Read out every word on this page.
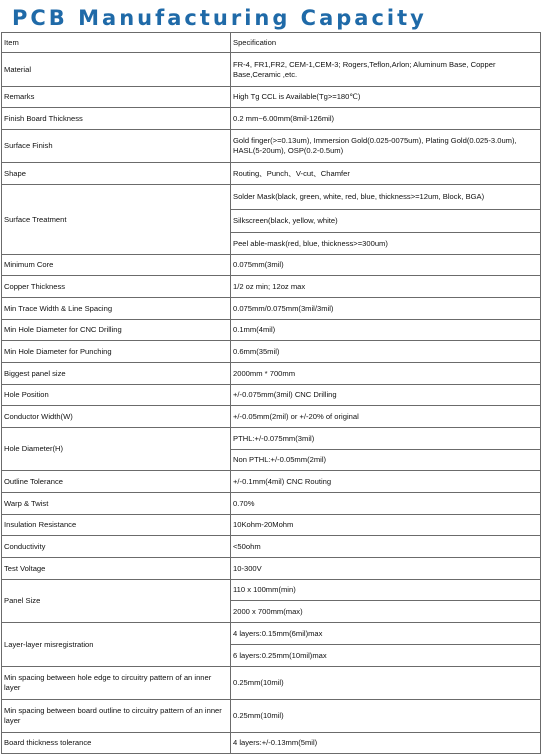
PCB Manufacturing Capacity
Item	Specification
Material	FR-4, FR1,FR2, CEM-1,CEM-3; Rogers,Teflon,Arlon; Aluminum Base, Copper Base,Ceramic ,etc.
Remarks	High Tg CCL is Available(Tg>=180℃)
Finish Board Thickness	0.2 mm~6.00mm(8mil-126mil)
Surface Finish	Gold finger(>=0.13um), Immersion Gold(0.025-0075um), Plating Gold(0.025-3.0um), HASL(5-20um), OSP(0.2-0.5um)
Shape	Routing、Punch、V-cut、Chamfer
Surface Treatment	Solder Mask(black, green, white, red, blue, thickness>=12um, Block, BGA)
	Silkscreen(black, yellow, white)
	Peel able-mask(red, blue, thickness>=300um)
Minimum Core	0.075mm(3mil)
Copper Thickness	1/2 oz min; 12oz max
Min Trace Width & Line Spacing	0.075mm/0.075mm(3mil/3mil)
Min Hole Diameter for CNC Drilling	0.1mm(4mil)
Min Hole Diameter for Punching	0.6mm(35mil)
Biggest panel size	2000mm * 700mm
Hole Position	+/-0.075mm(3mil) CNC Drilling
Conductor Width(W)	+/-0.05mm(2mil) or +/-20% of original
Hole Diameter(H)	PTHL:+/-0.075mm(3mil)
	Non PTHL:+/-0.05mm(2mil)
Outline Tolerance	+/-0.1mm(4mil) CNC Routing
Warp & Twist	0.70%
Insulation Resistance	10Kohm-20Mohm
Conductivity	<50ohm
Test Voltage	10-300V
Panel Size	110 x 100mm(min)
	2000 x 700mm(max)
Layer-layer misregistration	4 layers:0.15mm(6mil)max
	6 layers:0.25mm(10mil)max
Min spacing between hole edge to circuitry pattern of an inner layer	0.25mm(10mil)
Min spacing between board outline to circuitry pattern of an inner layer	0.25mm(10mil)
Board thickness tolerance	4 layers:+/-0.13mm(5mil)
